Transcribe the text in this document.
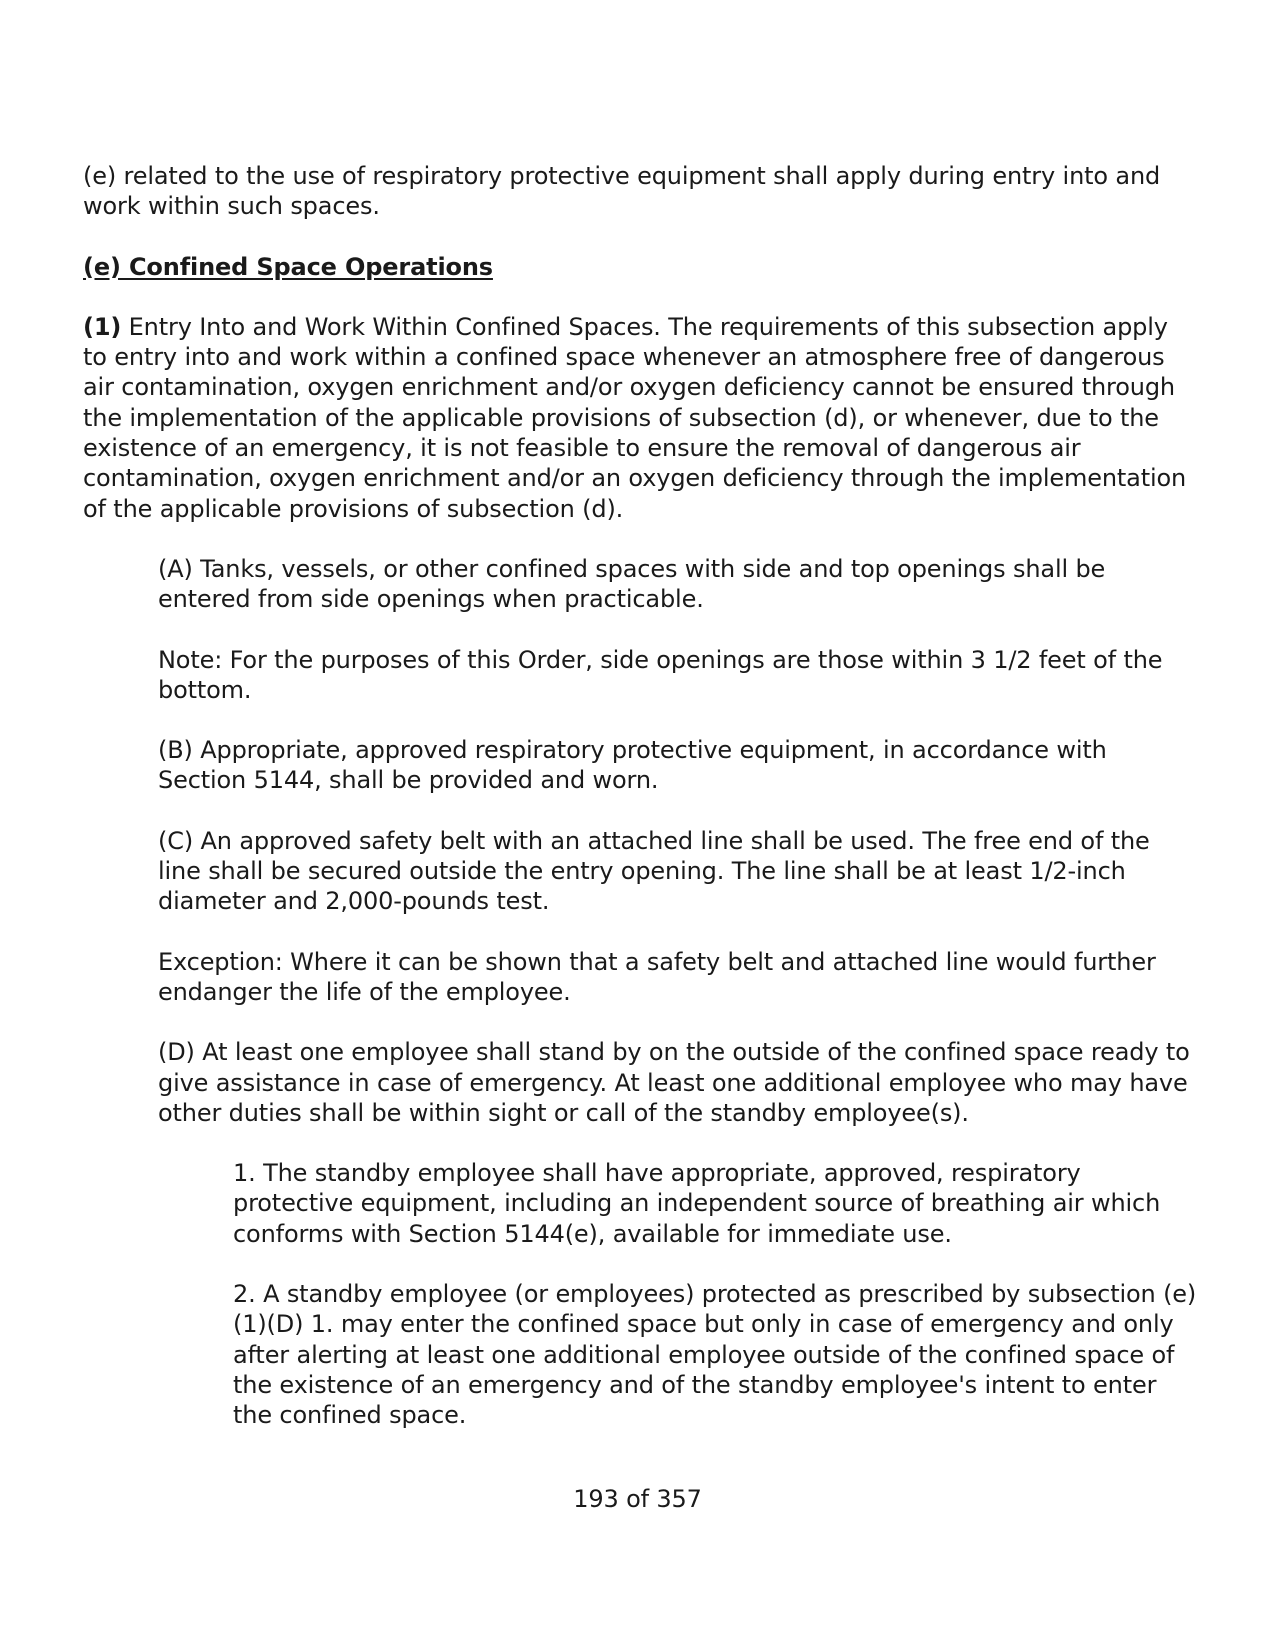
(e) related to the use of respiratory protective equipment shall apply during entry into and work within such spaces.

(e) Confined Space Operations

(1) Entry Into and Work Within Confined Spaces. The requirements of this subsection apply to entry into and work within a confined space whenever an atmosphere free of dangerous air contamination, oxygen enrichment and/or oxygen deficiency cannot be ensured through the implementation of the applicable provisions of subsection (d), or whenever, due to the existence of an emergency, it is not feasible to ensure the removal of dangerous air contamination, oxygen enrichment and/or an oxygen deficiency through the implementation of the applicable provisions of subsection (d).

(A) Tanks, vessels, or other confined spaces with side and top openings shall be entered from side openings when practicable.

Note: For the purposes of this Order, side openings are those within 3 1/2 feet of the bottom.

(B) Appropriate, approved respiratory protective equipment, in accordance with Section 5144, shall be provided and worn.

(C) An approved safety belt with an attached line shall be used. The free end of the line shall be secured outside the entry opening. The line shall be at least 1/2-inch diameter and 2,000-pounds test.

Exception: Where it can be shown that a safety belt and attached line would further endanger the life of the employee.

(D) At least one employee shall stand by on the outside of the confined space ready to give assistance in case of emergency. At least one additional employee who may have other duties shall be within sight or call of the standby employee(s).

1. The standby employee shall have appropriate, approved, respiratory protective equipment, including an independent source of breathing air which conforms with Section 5144(e), available for immediate use.

2. A standby employee (or employees) protected as prescribed by subsection (e)(1)(D) 1. may enter the confined space but only in case of emergency and only after alerting at least one additional employee outside of the confined space of the existence of an emergency and of the standby employee's intent to enter the confined space.

193 of 357
